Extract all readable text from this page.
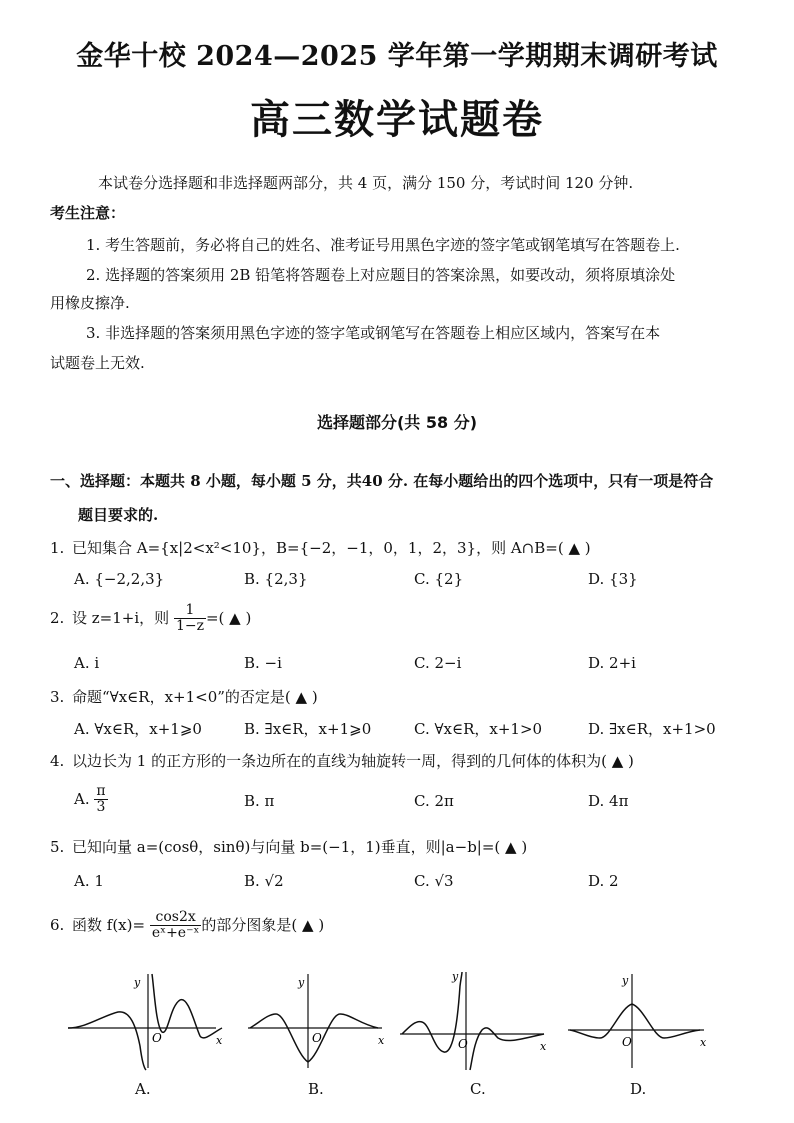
金华十校 2024—2025 学年第一学期期末调研考试
高三数学试题卷
本试卷分选择题和非选择题两部分，共 4 页，满分 150 分，考试时间 120 分钟.
考生注意：
1. 考生答题前，务必将自己的姓名、准考证号用黑色字迹的签字笔或钢笔填写在答题卷上.
2. 选择题的答案须用 2B 铅笔将答题卷上对应题目的答案涂黑，如要改动，须将原填涂处
用橡皮擦净.
3. 非选择题的答案须用黑色字迹的签字笔或钢笔写在答题卷上相应区域内，答案写在本
试题卷上无效.
选择题部分(共 58 分)
一、选择题：本题共 8 小题，每小题 5 分，共40 分. 在每小题给出的四个选项中，只有一项是符合
题目要求的.
1. 已知集合 A={x|2<x²<10}，B={−2，−1，0，1，2，3}，则 A∩B=( ▲ )
A. {−2,2,3}	B. {2,3}	C. {2}	D. {3}
2. 设 z=1+i，则 $\frac{1}{1-z}$ =( ▲ )
A. i	B. −i	C. 2−i	D. 2+i
3. 命题“∀x∈R，x+1<0”的否定是( ▲ )
A. ∀x∈R，x+1⩾0	B. ∃x∈R，x+1⩾0	C. ∀x∈R，x+1>0	D. ∃x∈R，x+1>0
4. 以边长为 1 的正方形的一条边所在的直线为轴旋转一周，得到的几何体的体积为( ▲ )
A. $\frac{\pi}{3}$	B. π	C. 2π	D. 4π
5. 已知向量 a=(cosθ，sinθ)与向量 b=(−1，1)垂直，则|a−b|=( ▲ )
A. 1	B. √2	C. √3	D. 2
6. 函数 $f(x)= \frac{\cos 2x}{\text{eˣ+e⁻ˣ}}$ 的部分图象是( ▲ )
y
O	x
y
O	x
y
O	x
y
O	x
A.	B.	C.	D.
